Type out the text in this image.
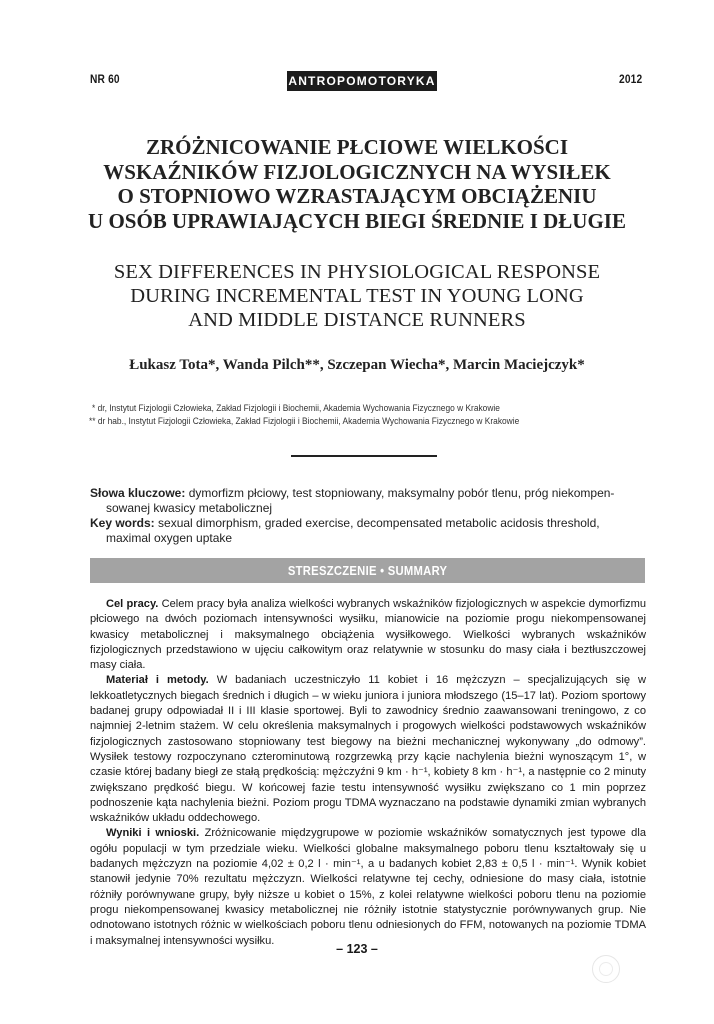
NR 60	ANTROPOMOTORYKA	2012
ZRÓŻNICOWANIE PŁCIOWE WIELKOŚCI
WSKAŹNIKÓW FIZJOLOGICZNYCH NA WYSIŁEK
O STOPNIOWO WZRASTAJĄCYM OBCIĄŻENIU
U OSÓB UPRAWIAJĄCYCH BIEGI ŚREDNIE I DŁUGIE
SEX DIFFERENCES IN PHYSIOLOGICAL RESPONSE
DURING INCREMENTAL TEST IN YOUNG LONG
AND MIDDLE DISTANCE RUNNERS
Łukasz Tota*, Wanda Pilch**, Szczepan Wiecha*, Marcin Maciejczyk*
* dr, Instytut Fizjologii Człowieka, Zakład Fizjologii i Biochemii, Akademia Wychowania Fizycznego w Krakowie
** dr hab., Instytut Fizjologii Człowieka, Zakład Fizjologii i Biochemii, Akademia Wychowania Fizycznego w Krakowie
Słowa kluczowe: dymorfizm płciowy, test stopniowany, maksymalny pobór tlenu, próg niekompen-
sowanej kwasicy metabolicznej
Key words: sexual dimorphism, graded exercise, decompensated metabolic acidosis threshold,
maximal oxygen uptake
STRESZCZENIE • SUMMARY

Cel pracy. Celem pracy była analiza wielkości wybranych wskaźników fizjologicznych w aspekcie dymorfizmu płciowego na dwóch poziomach intensywności wysiłku, mianowicie na poziomie progu niekompensowanej kwasicy metabolicznej i maksymalnego obciążenia wysiłkowego. Wielkości wybranych wskaźników fizjologicznych przedstawiono w ujęciu całkowitym oraz relatywnie w stosunku do masy ciała i beztłuszczowej masy ciała.

Materiał i metody. W badaniach uczestniczyło 11 kobiet i 16 mężczyzn – specjalizujących się w lekkoatletycznych biegach średnich i długich – w wieku juniora i juniora młodszego (15–17 lat). Poziom sportowy badanej grupy odpowiadał II i III klasie sportowej. Byli to zawodnicy średnio zaawansowani treningowo, z co najmniej 2-letnim stażem. W celu określenia maksymalnych i progowych wielkości podstawowych wskaźników fizjologicznych zastosowano stopniowany test biegowy na bieżni mechanicznej wykonywany „do odmowy”. Wysiłek testowy rozpoczynano czterominutową rozgrzewką przy kącie nachylenia bieżni wynoszącym 1°, w czasie której badany biegł ze stałą prędkością: mężczyźni 9 km · h⁻¹, kobiety 8 km · h⁻¹, a następnie co 2 minuty zwiększano prędkość biegu. W końcowej fazie testu intensywność wysiłku zwiększano co 1 min poprzez podnoszenie kąta nachylenia bieżni. Poziom progu TDMA wyznaczano na podstawie dynamiki zmian wybranych wskaźników układu oddechowego.

Wyniki i wnioski. Zróżnicowanie międzygrupowe w poziomie wskaźników somatycznych jest typowe dla ogółu populacji w tym przedziale wieku. Wielkości globalne maksymalnego poboru tlenu kształtowały się u badanych mężczyzn na poziomie 4,02 ± 0,2 l · min⁻¹, a u badanych kobiet 2,83 ± 0,5 l · min⁻¹. Wynik kobiet stanowił jedynie 70% rezultatu mężczyzn. Wielkości relatywne tej cechy, odniesione do masy ciała, istotnie różniły porównywane grupy, były niższe u kobiet o 15%, z kolei relatywne wielkości poboru tlenu na poziomie progu niekompensowanej kwasicy metabolicznej nie różniły istotnie statystycznie porównywanych grup. Nie odnotowano istotnych różnic w wielkościach poboru tlenu odniesionych do FFM, notowanych na poziomie TDMA i maksymalnej intensywności wysiłku.

– 123 –
